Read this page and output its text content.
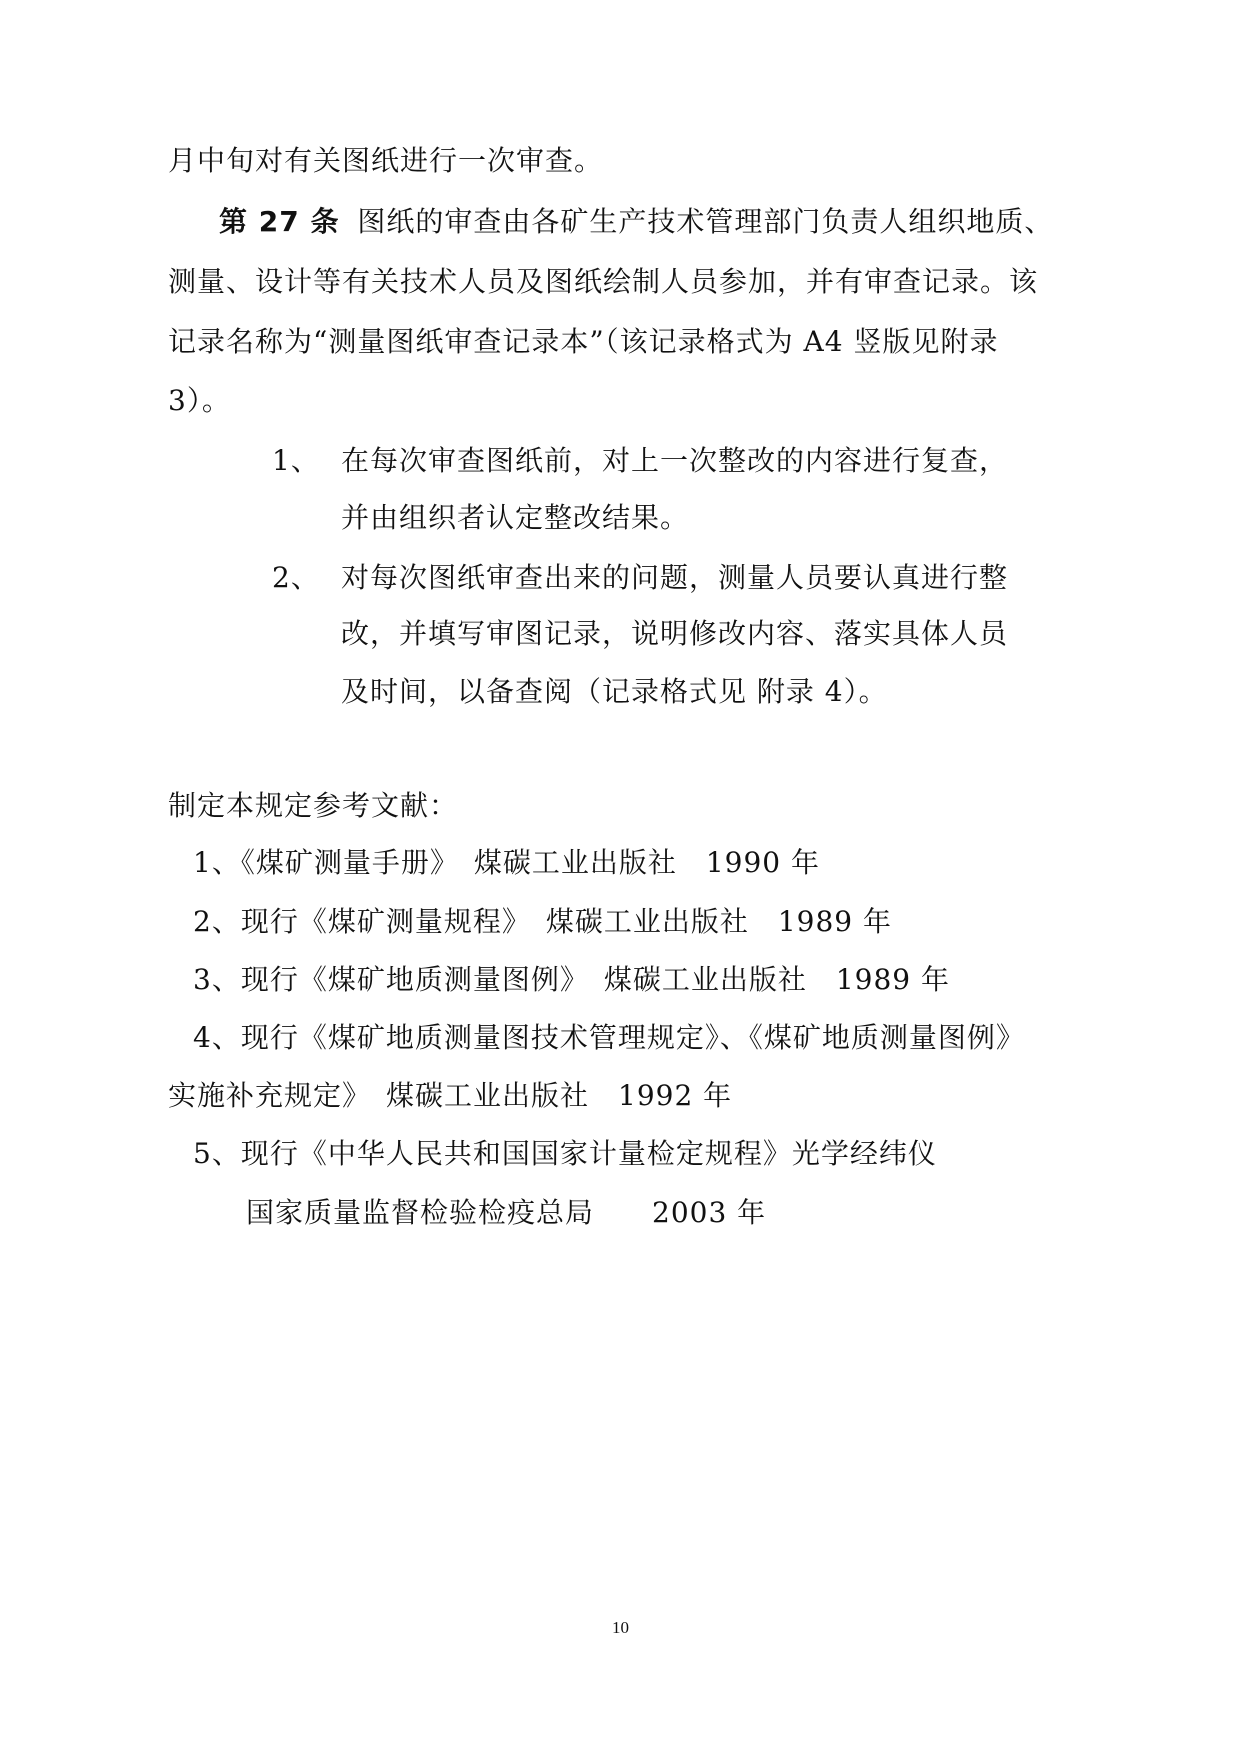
月中旬对有关图纸进行一次审查。
第 27 条 图纸的审查由各矿生产技术管理部门负责人组织地质、
测量、设计等有关技术人员及图纸绘制人员参加，并有审查记录。该
记录名称为“测量图纸审查记录本”（该记录格式为 A4 竖版见附录
3）。
1、 在每次审查图纸前，对上一次整改的内容进行复查，
并由组织者认定整改结果。
2、 对每次图纸审查出来的问题，测量人员要认真进行整
改，并填写审图记录，说明修改内容、落实具体人员
及时间，以备查阅（记录格式见 附录 4）。
制定本规定参考文献：
1、《煤矿测量手册》　煤碳工业出版社　1990 年
2、现行《煤矿测量规程》　煤碳工业出版社　1989 年
3、现行《煤矿地质测量图例》　煤碳工业出版社　1989 年
4、现行《煤矿地质测量图技术管理规定》、《煤矿地质测量图例》
实施补充规定》　煤碳工业出版社　1992 年
5、现行《中华人民共和国国家计量检定规程》光学经纬仪
国家质量监督检验检疫总局　　2003 年
10
